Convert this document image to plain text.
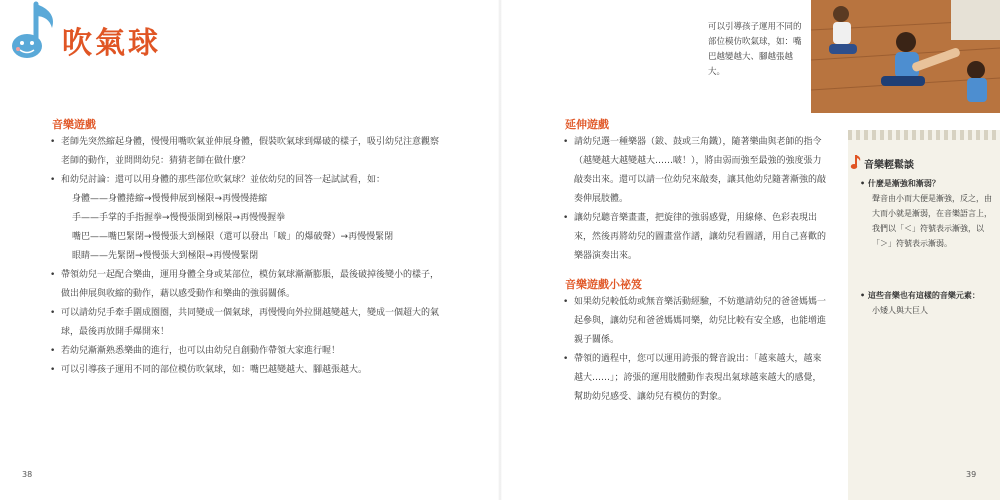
吹氣球
音樂遊戲
• 老師先突然縮起身體，慢慢用嘴吹氣並伸展身體，假裝吹氣球到爆破的樣子，吸引幼兒注意觀察老師的動作，並問問幼兒：猜猜老師在做什麼？
• 和幼兒討論：還可以用身體的那些部位吹氣球？並依幼兒的回答一起試試看，如：
身體——身體捲縮→慢慢伸展到極限→再慢慢捲縮
手——手掌的手指握拳→慢慢張開到極限→再慢慢握拳
嘴巴——嘴巴緊閉→慢慢張大到極限（還可以發出「啵」的爆破聲）→再慢慢緊閉
眼睛——先緊閉→慢慢張大到極限→再慢慢緊閉
• 帶領幼兒一起配合樂曲，運用身體全身或某部位，模仿氣球漸漸膨脹，最後破掉後變小的樣子，做出伸展與收縮的動作，藉以感受動作和樂曲的強弱關係。
• 可以請幼兒手牽手圍成圈圈，共同變成一個氣球，再慢慢向外拉開越變越大，變成一個超大的氣球，最後再放開手爆開來！
• 若幼兒漸漸熟悉樂曲的進行，也可以由幼兒自創動作帶領大家進行喔！
• 可以引導孩子運用不同的部位模仿吹氣球，如：嘴巴越變越大、腳越張越大。
38
可以引導孩子運用不同的部位模仿吹氣球，如：嘴巴越變越大、腳越張越大。
延伸遊戲
• 請幼兒選一種樂器（鈸、鼓或三角鐵），隨著樂曲與老師的指令（越變越大越變越大……啵！），將由弱而強至最強的強度張力敲奏出來。還可以請一位幼兒來敲奏，讓其他幼兒隨著漸強的敲奏伸展肢體。
• 讓幼兒聽音樂畫畫，把旋律的強弱感覺，用線條、色彩表現出來，然後再將幼兒的圖畫當作譜，讓幼兒看圖譜，用自己喜歡的樂器演奏出來。
音樂遊戲小祕笈
• 如果幼兒較低幼或無音樂活動經驗，不妨邀請幼兒的爸爸媽媽一起參與，讓幼兒和爸爸媽媽同樂，幼兒比較有安全感，也能增進親子關係。
• 帶領的過程中，您可以運用誇張的聲音說出：「越來越大，越來越大……」；誇張的運用肢體動作表現出氣球越來越大的感覺，幫助幼兒感受、讓幼兒有模仿的對象。
音樂輕鬆談
• 什麼是漸強和漸弱？
聲音由小而大便是漸強，反之，由大而小就是漸弱，在音樂語言上，我們以「＜」符號表示漸強，以「＞」符號表示漸弱。
• 這些音樂也有這樣的音樂元素：
小矮人與大巨人
39
